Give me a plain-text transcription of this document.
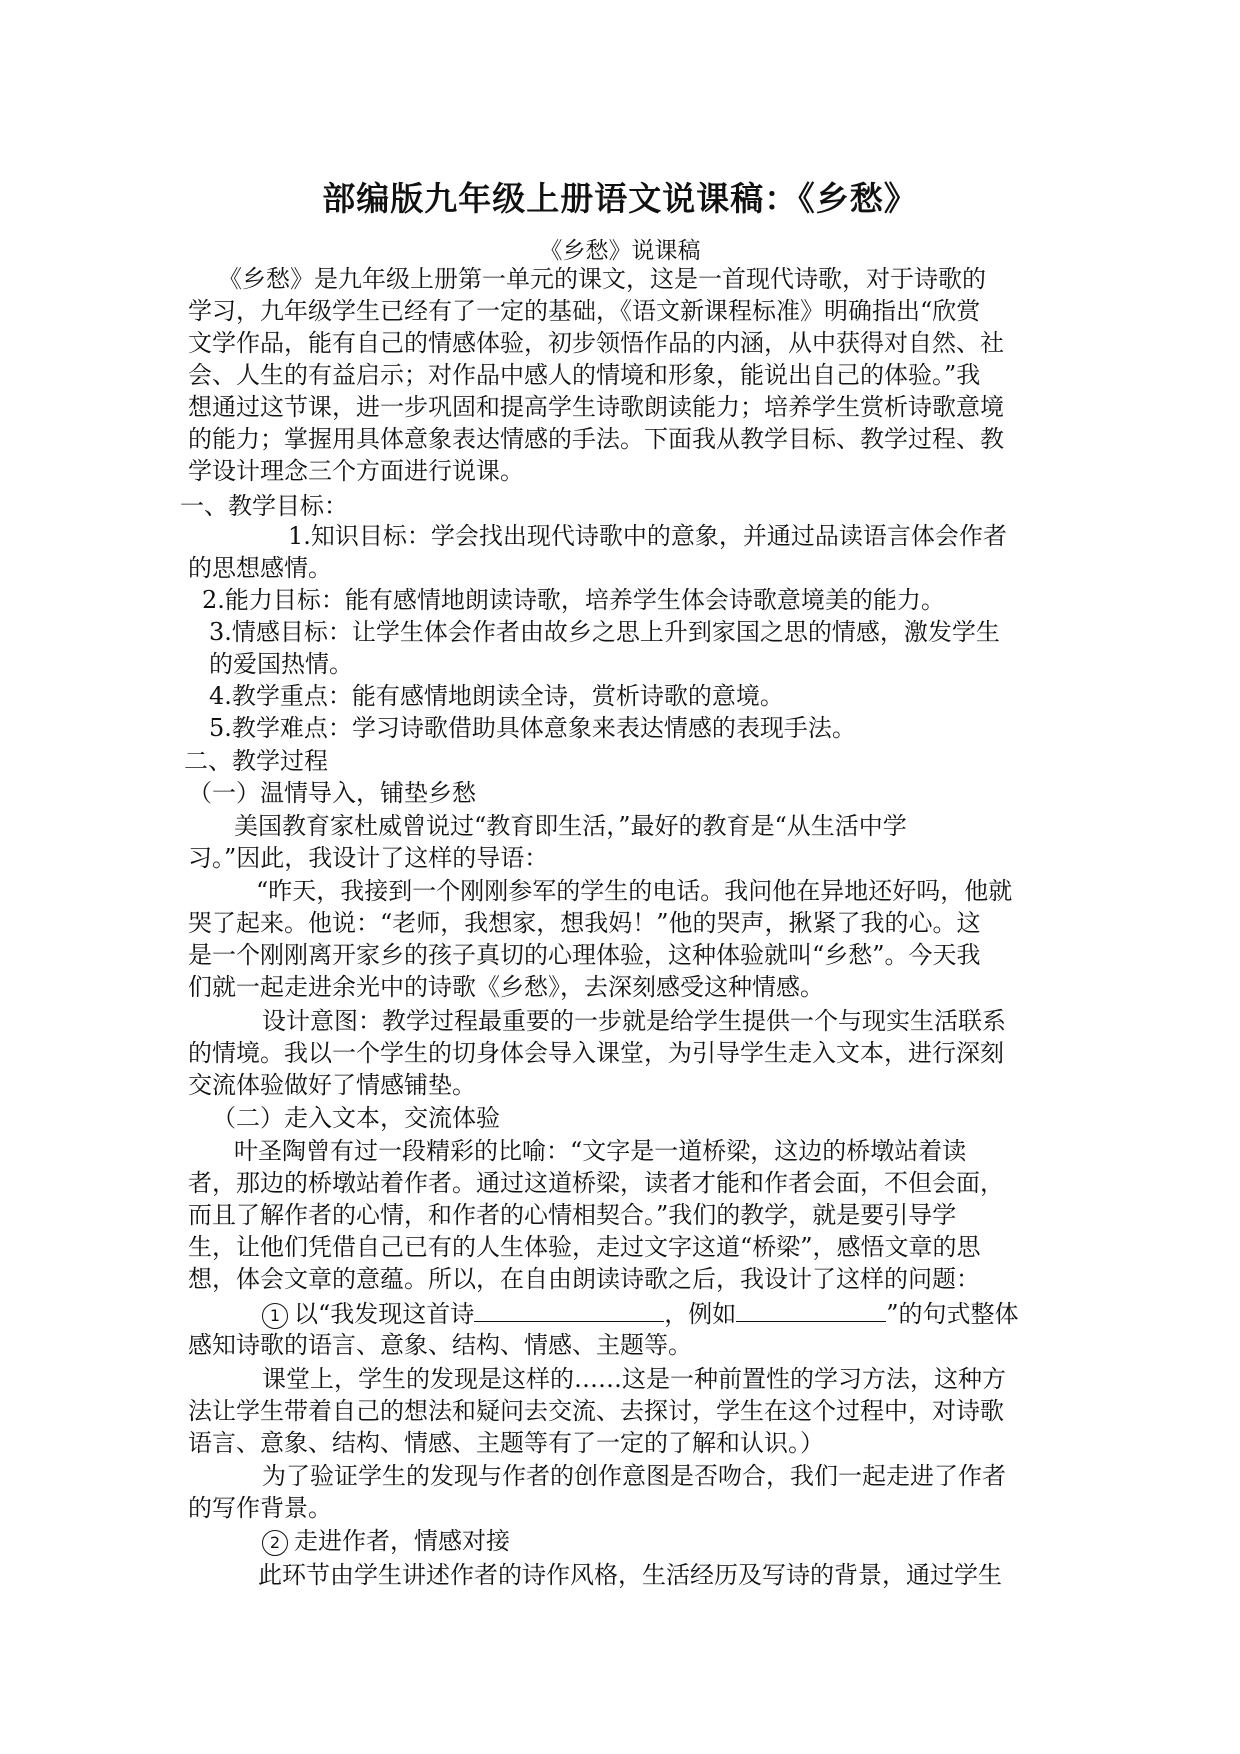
部编版九年级上册语文说课稿：《乡愁》
《乡愁》说课稿
《乡愁》是九年级上册第一单元的课文，这是一首现代诗歌，对于诗歌的
学习，九年级学生已经有了一定的基础，《语文新课程标准》明确指出“欣赏
文学作品，能有自己的情感体验，初步领悟作品的内涵，从中获得对自然、社
会、人生的有益启示；对作品中感人的情境和形象，能说出自己的体验。”我
想通过这节课，进一步巩固和提高学生诗歌朗读能力；培养学生赏析诗歌意境
的能力；掌握用具体意象表达情感的手法。下面我从教学目标、教学过程、教
学设计理念三个方面进行说课。
一、教学目标：
1.知识目标：学会找出现代诗歌中的意象，并通过品读语言体会作者
的思想感情。
2.能力目标：能有感情地朗读诗歌，培养学生体会诗歌意境美的能力。
3.情感目标：让学生体会作者由故乡之思上升到家国之思的情感，激发学生
的爱国热情。
4.教学重点：能有感情地朗读全诗，赏析诗歌的意境。
5.教学难点：学习诗歌借助具体意象来表达情感的表现手法。
二、教学过程
（一）温情导入，铺垫乡愁
美国教育家杜威曾说过“教育即生活，”最好的教育是“从生活中学
习。”因此，我设计了这样的导语：
“昨天，我接到一个刚刚参军的学生的电话。我问他在异地还好吗，他就
哭了起来。他说：“老师，我想家，想我妈！”他的哭声，揪紧了我的心。这
是一个刚刚离开家乡的孩子真切的心理体验，这种体验就叫“乡愁”。今天我
们就一起走进余光中的诗歌《乡愁》，去深刻感受这种情感。
设计意图：教学过程最重要的一步就是给学生提供一个与现实生活联系
的情境。我以一个学生的切身体会导入课堂，为引导学生走入文本，进行深刻
交流体验做好了情感铺垫。
（二）走入文本，交流体验
叶圣陶曾有过一段精彩的比喻：“文字是一道桥梁，这边的桥墩站着读
者，那边的桥墩站着作者。通过这道桥梁，读者才能和作者会面，不但会面，
而且了解作者的心情，和作者的心情相契合。”我们的教学，就是要引导学
生，让他们凭借自己已有的人生体验，走过文字这道“桥梁”，感悟文章的思
想，体会文章的意蕴。所以，在自由朗读诗歌之后，我设计了这样的问题：
1 以“我发现这首诗	，例如	”的句式整体
感知诗歌的语言、意象、结构、情感、主题等。
课堂上，学生的发现是这样的……这是一种前置性的学习方法，这种方
法让学生带着自己的想法和疑问去交流、去探讨，学生在这个过程中，对诗歌
语言、意象、结构、情感、主题等有了一定的了解和认识。）
为了验证学生的发现与作者的创作意图是否吻合，我们一起走进了作者
的写作背景。
2 走进作者，情感对接
此环节由学生讲述作者的诗作风格，生活经历及写诗的背景，通过学生
